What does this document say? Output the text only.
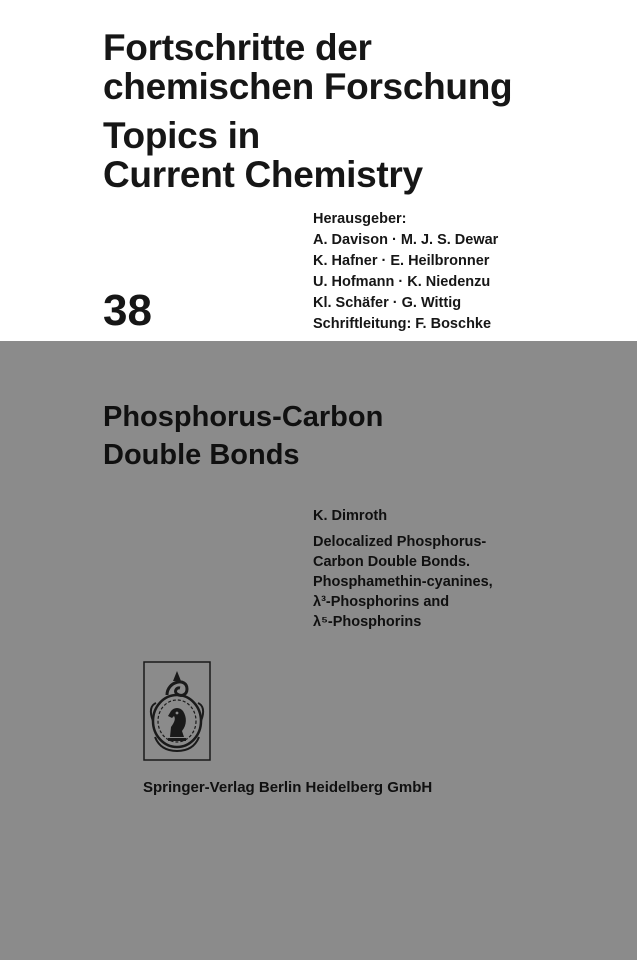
Fortschritte der
chemischen Forschung
Topics in
Current Chemistry
38
Herausgeber:
A. Davison · M. J. S. Dewar
K. Hafner · E. Heilbronner
U. Hofmann · K. Niedenzu
Kl. Schäfer · G. Wittig
Schriftleitung: F. Boschke
Phosphorus-Carbon
Double Bonds
K. Dimroth
Delocalized Phosphorus-
Carbon Double Bonds.
Phosphamethin-cyanines,
λ³-Phosphorins and
λ⁵-Phosphorins
Springer-Verlag Berlin Heidelberg GmbH
